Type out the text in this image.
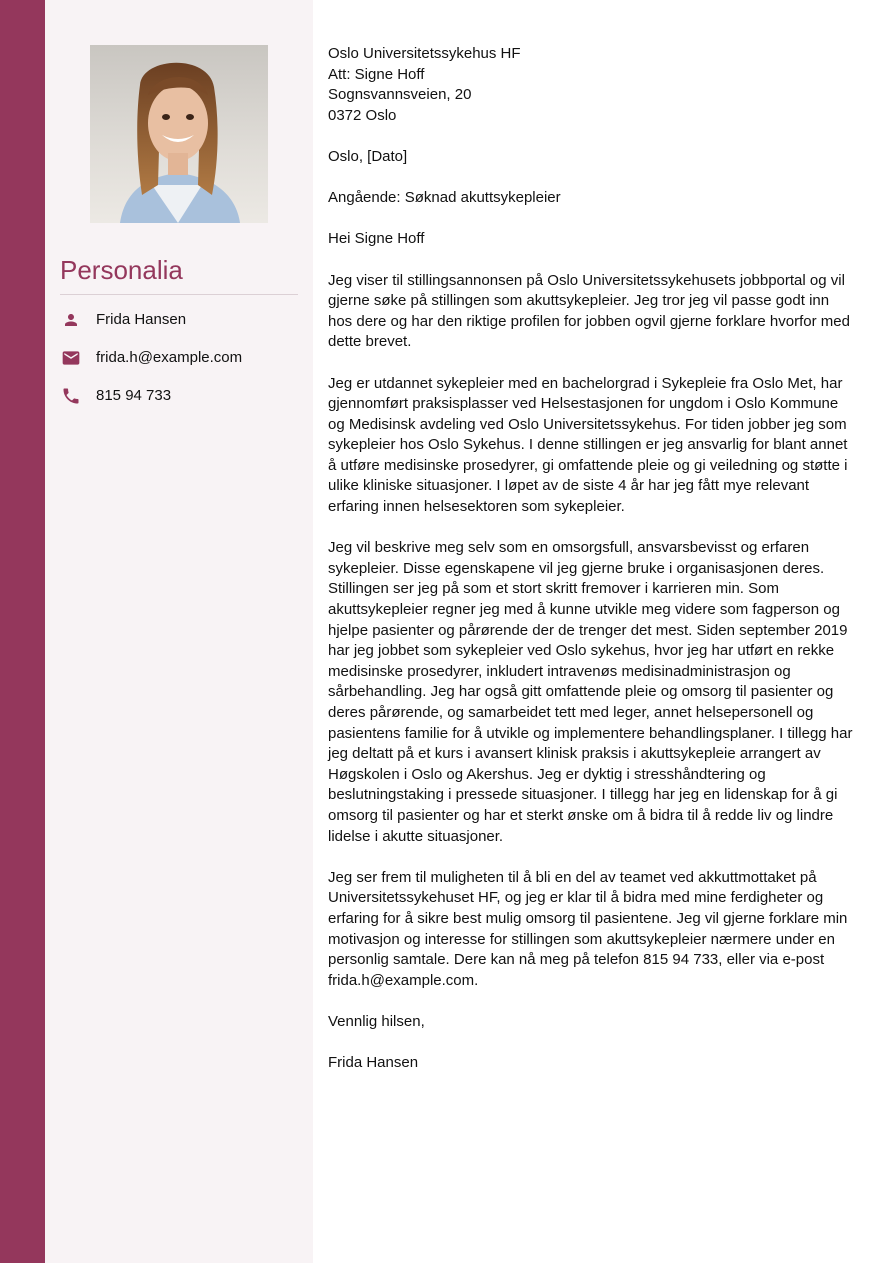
Personalia
Frida Hansen
frida.h@example.com
815 94 733

Oslo Universitetssykehus HF
Att: Signe Hoff
Sognsvannsveien, 20
0372 Oslo

Oslo, [Dato]

Angående: Søknad akuttsykepleier

Hei Signe Hoff

Jeg viser til stillingsannonsen på Oslo Universitetssykehusets jobbportal og vil gjerne søke på stillingen som akuttsykepleier. Jeg tror jeg vil passe godt inn hos dere og har den riktige profilen for jobben ogvil gjerne forklare hvorfor med dette brevet.

Jeg er utdannet sykepleier med en bachelorgrad i Sykepleie fra Oslo Met, har gjennomført praksisplasser ved Helsestasjonen for ungdom i Oslo Kommune og Medisinsk avdeling ved Oslo Universitetssykehus. For tiden jobber jeg som sykepleier hos Oslo Sykehus. I denne stillingen er jeg ansvarlig for blant annet å utføre medisinske prosedyrer, gi omfattende pleie og gi veiledning og støtte i ulike kliniske situasjoner. I løpet av de siste 4 år har jeg fått mye relevant erfaring innen helsesektoren som sykepleier.

Jeg vil beskrive meg selv som en omsorgsfull, ansvarsbevisst og erfaren sykepleier. Disse egenskapene vil jeg gjerne bruke i organisasjonen deres. Stillingen ser jeg på som et stort skritt fremover i karrieren min. Som akuttsykepleier regner jeg med å kunne utvikle meg videre som fagperson og hjelpe pasienter og pårørende der de trenger det mest. Siden september 2019 har jeg jobbet som sykepleier ved Oslo sykehus, hvor jeg har utført en rekke medisinske prosedyrer, inkludert intravenøs medisinadministrasjon og sårbehandling. Jeg har også gitt omfattende pleie og omsorg til pasienter og deres pårørende, og samarbeidet tett med leger, annet helsepersonell og pasientens familie for å utvikle og implementere behandlingsplaner. I tillegg har jeg deltatt på et kurs i avansert klinisk praksis i akuttsykepleie arrangert av Høgskolen i Oslo og Akershus. Jeg er dyktig i stresshåndtering og beslutningstaking i pressede situasjoner. I tillegg har jeg en lidenskap for å gi omsorg til pasienter og har et sterkt ønske om å bidra til å redde liv og lindre lidelse i akutte situasjoner.

Jeg ser frem til muligheten til å bli en del av teamet ved akkuttmottaket på Universitetssykehuset HF, og jeg er klar til å bidra med mine ferdigheter og erfaring for å sikre best mulig omsorg til pasientene. Jeg vil gjerne forklare min motivasjon og interesse for stillingen som akuttsykepleier nærmere under en personlig samtale. Dere kan nå meg på telefon 815 94 733, eller via e-post frida.h@example.com.

Vennlig hilsen,

Frida Hansen
